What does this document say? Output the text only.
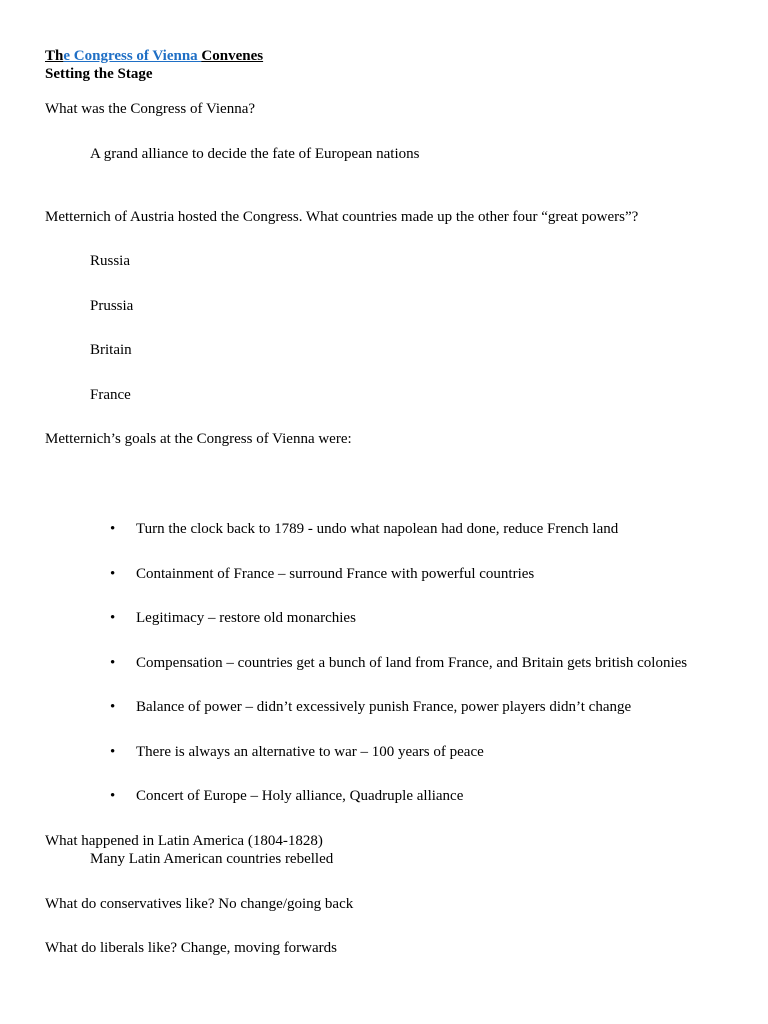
The Congress of Vienna Convenes
Setting the Stage
What was the Congress of Vienna?
A grand alliance to decide the fate of European nations
Metternich of Austria hosted the Congress. What countries made up the other four “great powers”?
Russia
Prussia
Britain
France
Metternich’s goals at the Congress of Vienna were:
• Turn the clock back to 1789 - undo what napolean had done, reduce French land
• Containment of France – surround France with powerful countries
• Legitimacy – restore old monarchies
• Compensation – countries get a bunch of land from France, and Britain gets british colonies
• Balance of power – didn’t excessively punish France, power players didn’t change
• There is always an alternative to war – 100 years of peace
• Concert of Europe – Holy alliance, Quadruple alliance
What happened in Latin America (1804-1828)
Many Latin American countries rebelled
What do conservatives like? No change/going back
What do liberals like? Change, moving forwards
